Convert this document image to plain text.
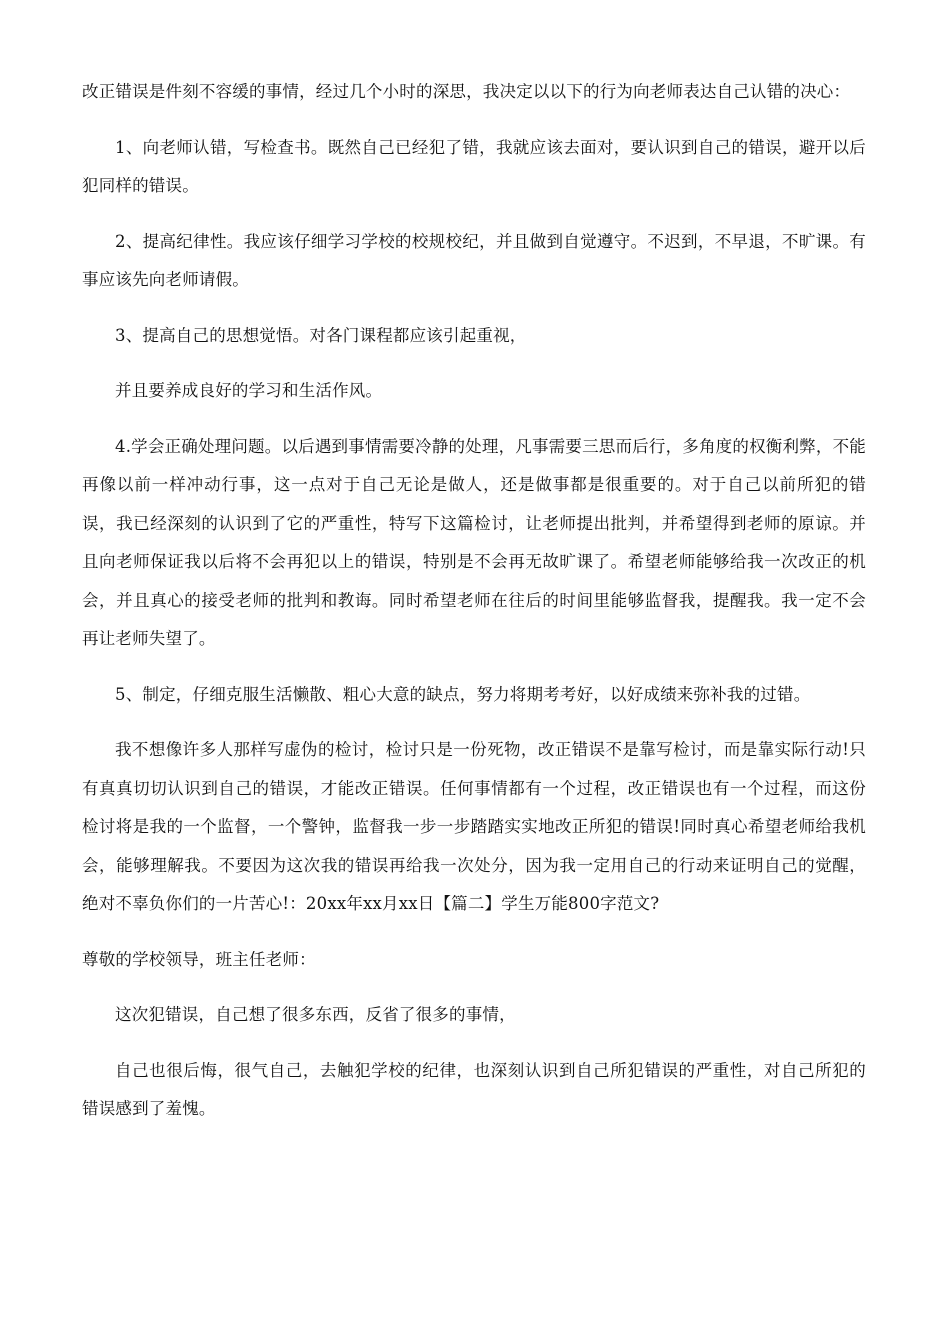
改正错误是件刻不容缓的事情，经过几个小时的深思，我决定以以下的行为向老师表达自己认错的决心：

1、向老师认错，写检查书。既然自己已经犯了错，我就应该去面对，要认识到自己的错误，避开以后犯同样的错误。

2、提高纪律性。我应该仔细学习学校的校规校纪，并且做到自觉遵守。不迟到，不早退，不旷课。有事应该先向老师请假。

3、提高自己的思想觉悟。对各门课程都应该引起重视，

并且要养成良好的学习和生活作风。

4.学会正确处理问题。以后遇到事情需要冷静的处理，凡事需要三思而后行，多角度的权衡利弊，不能再像以前一样冲动行事，这一点对于自己无论是做人，还是做事都是很重要的。对于自己以前所犯的错误，我已经深刻的认识到了它的严重性，特写下这篇检讨，让老师提出批判，并希望得到老师的原谅。并且向老师保证我以后将不会再犯以上的错误，特别是不会再无故旷课了。希望老师能够给我一次改正的机会，并且真心的接受老师的批判和教诲。同时希望老师在往后的时间里能够监督我，提醒我。我一定不会再让老师失望了。

5、制定，仔细克服生活懒散、粗心大意的缺点，努力将期考考好，以好成绩来弥补我的过错。

我不想像许多人那样写虚伪的检讨，检讨只是一份死物，改正错误不是靠写检讨，而是靠实际行动!只有真真切切认识到自己的错误，才能改正错误。任何事情都有一个过程，改正错误也有一个过程，而这份检讨将是我的一个监督，一个警钟，监督我一步一步踏踏实实地改正所犯的错误!同时真心希望老师给我机会，能够理解我。不要因为这次我的错误再给我一次处分，因为我一定用自己的行动来证明自己的觉醒，绝对不辜负你们的一片苦心!：20xx年xx月xx日【篇二】学生万能800字范文?

尊敬的学校领导，班主任老师：

这次犯错误，自己想了很多东西，反省了很多的事情，

自己也很后悔，很气自己，去触犯学校的纪律，也深刻认识到自己所犯错误的严重性，对自己所犯的错误感到了羞愧。
